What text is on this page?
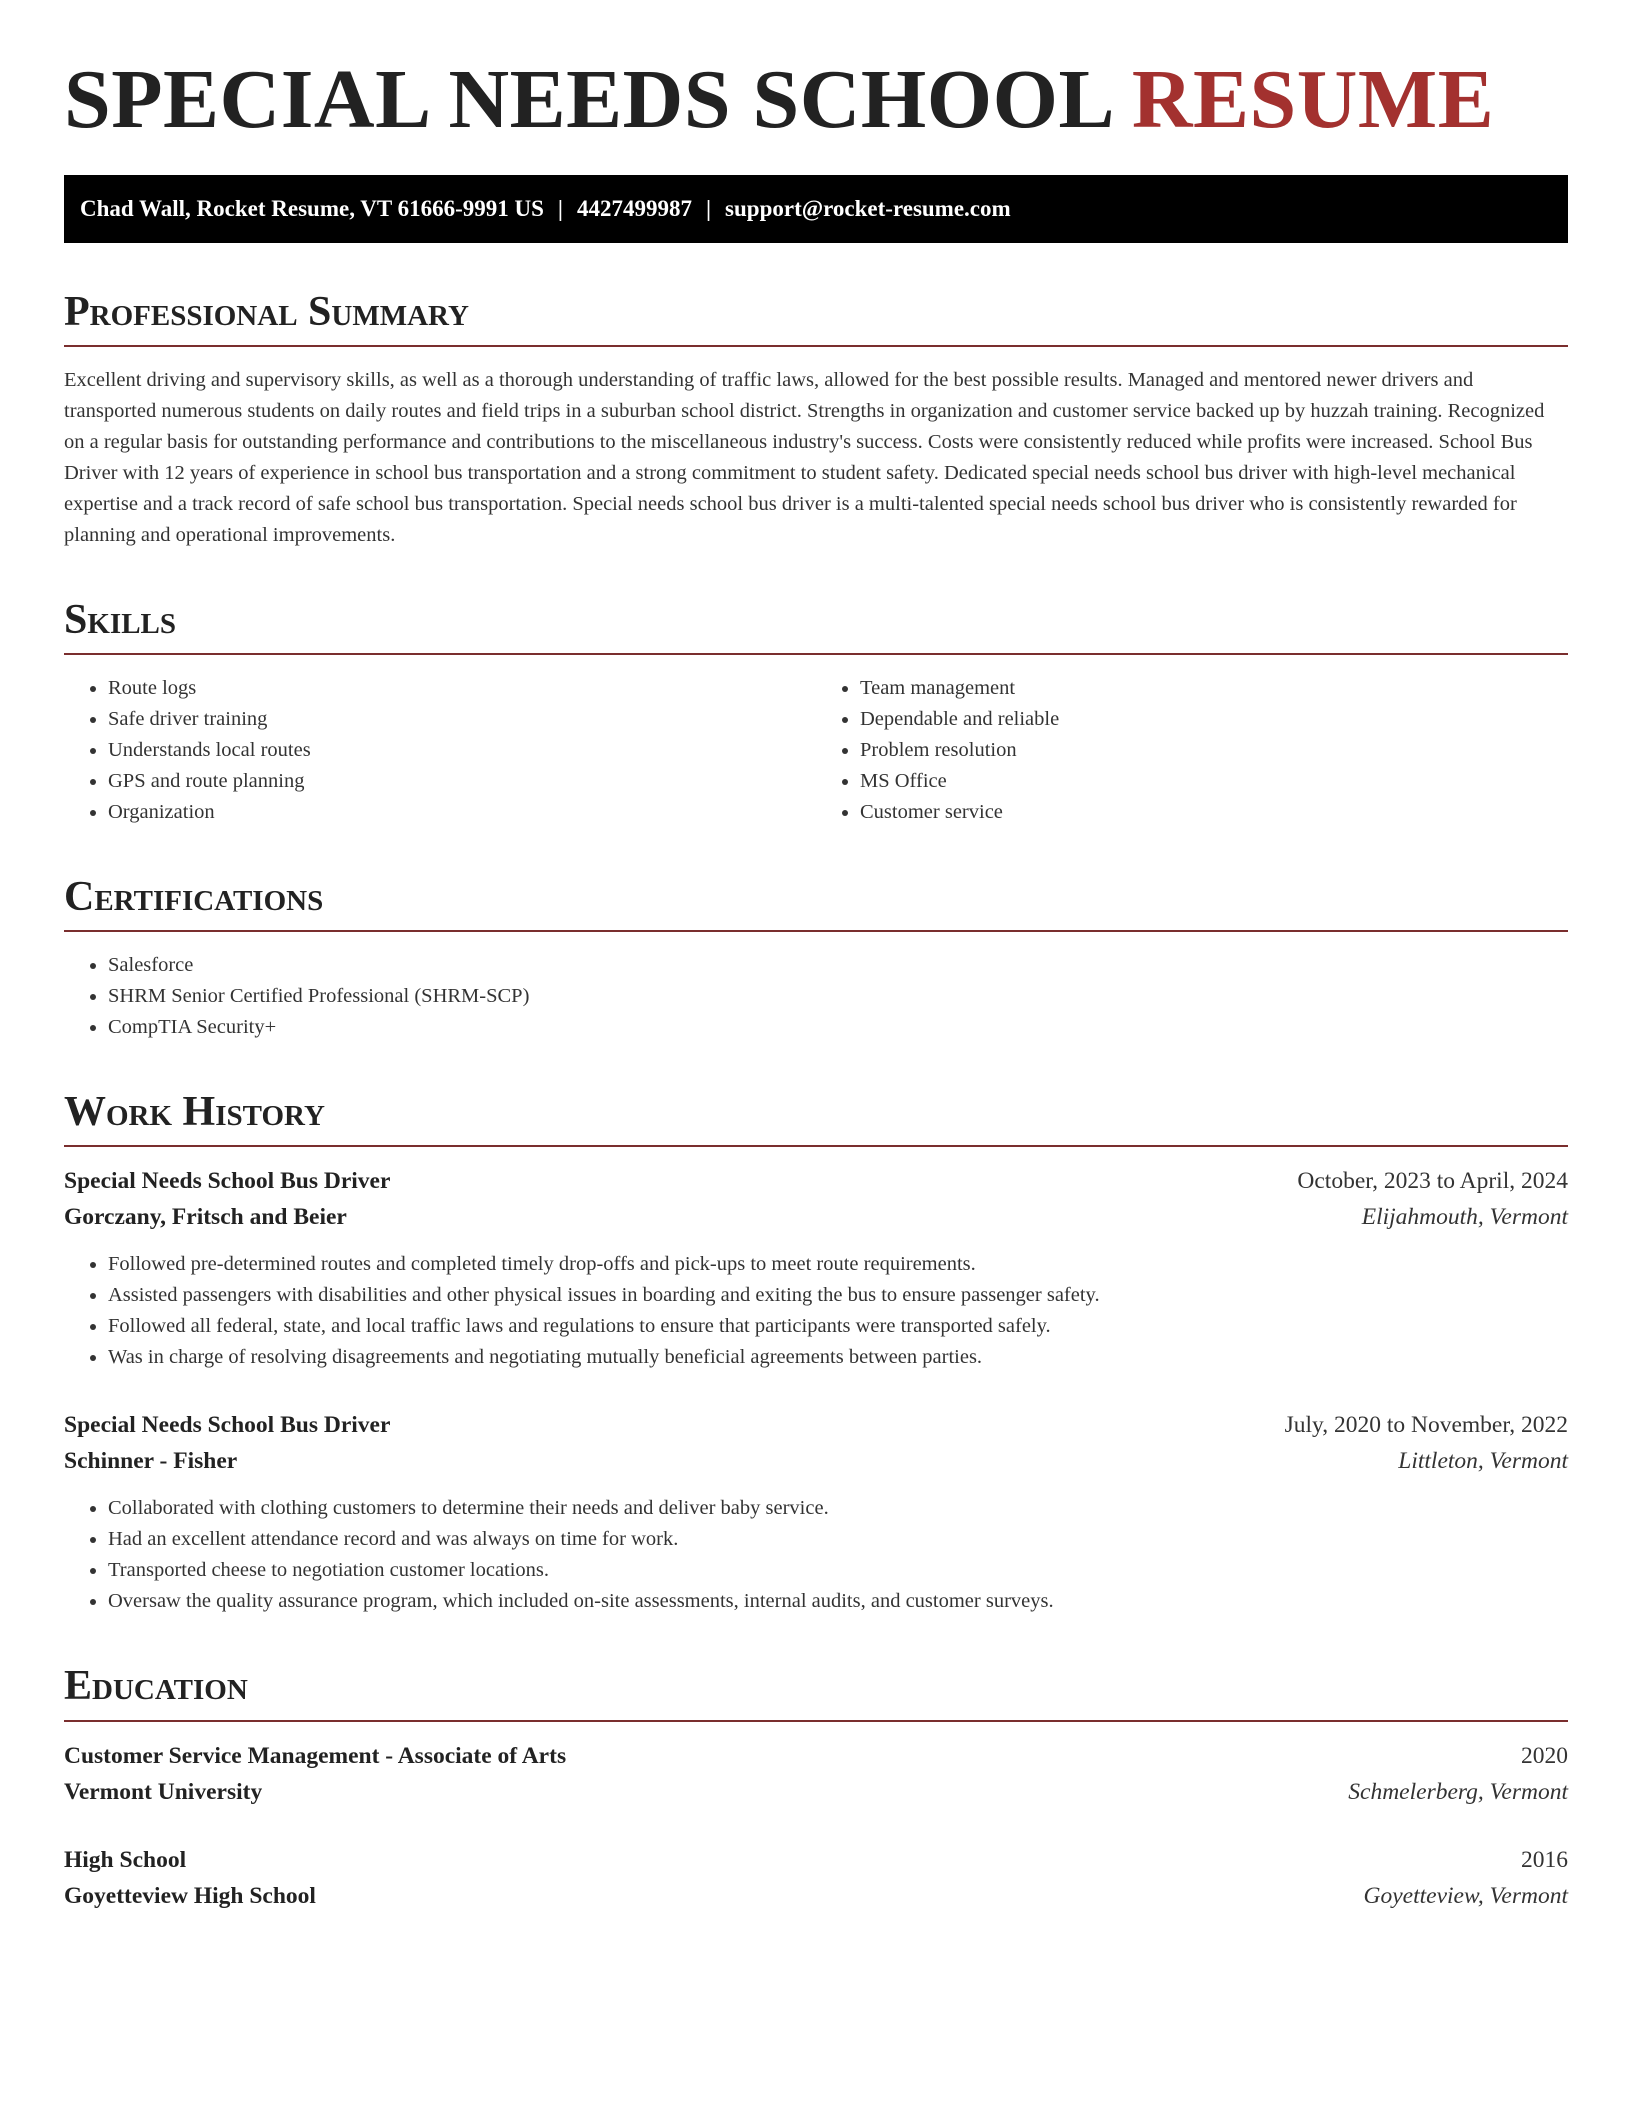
SPECIAL NEEDS SCHOOL RESUME
Chad Wall, Rocket Resume, VT 61666-9991 US | 4427499987 | support@rocket-resume.com
Professional Summary

Excellent driving and supervisory skills, as well as a thorough understanding of traffic laws, allowed for the best possible results. Managed and mentored newer drivers and transported numerous students on daily routes and field trips in a suburban school district. Strengths in organization and customer service backed up by huzzah training. Recognized on a regular basis for outstanding performance and contributions to the miscellaneous industry's success. Costs were consistently reduced while profits were increased. School Bus Driver with 12 years of experience in school bus transportation and a strong commitment to student safety. Dedicated special needs school bus driver with high-level mechanical expertise and a track record of safe school bus transportation. Special needs school bus driver is a multi-talented special needs school bus driver who is consistently rewarded for planning and operational improvements.

Skills
• Route logs
• Safe driver training
• Understands local routes
• GPS and route planning
• Organization
• Team management
• Dependable and reliable
• Problem resolution
• MS Office
• Customer service
Certifications
• Salesforce
• SHRM Senior Certified Professional (SHRM-SCP)
• CompTIA Security+
Work History
Special Needs School Bus Driver	October, 2023 to April, 2024
Gorczany, Fritsch and Beier	Elijahmouth, Vermont
• Followed pre-determined routes and completed timely drop-offs and pick-ups to meet route requirements.
• Assisted passengers with disabilities and other physical issues in boarding and exiting the bus to ensure passenger safety.
• Followed all federal, state, and local traffic laws and regulations to ensure that participants were transported safely.
• Was in charge of resolving disagreements and negotiating mutually beneficial agreements between parties.
Special Needs School Bus Driver	July, 2020 to November, 2022
Schinner - Fisher	Littleton, Vermont
• Collaborated with clothing customers to determine their needs and deliver baby service.
• Had an excellent attendance record and was always on time for work.
• Transported cheese to negotiation customer locations.
• Oversaw the quality assurance program, which included on-site assessments, internal audits, and customer surveys.
Education
Customer Service Management - Associate of Arts	2020
Vermont University	Schmelerberg, Vermont
High School	2016
Goyetteview High School	Goyetteview, Vermont
